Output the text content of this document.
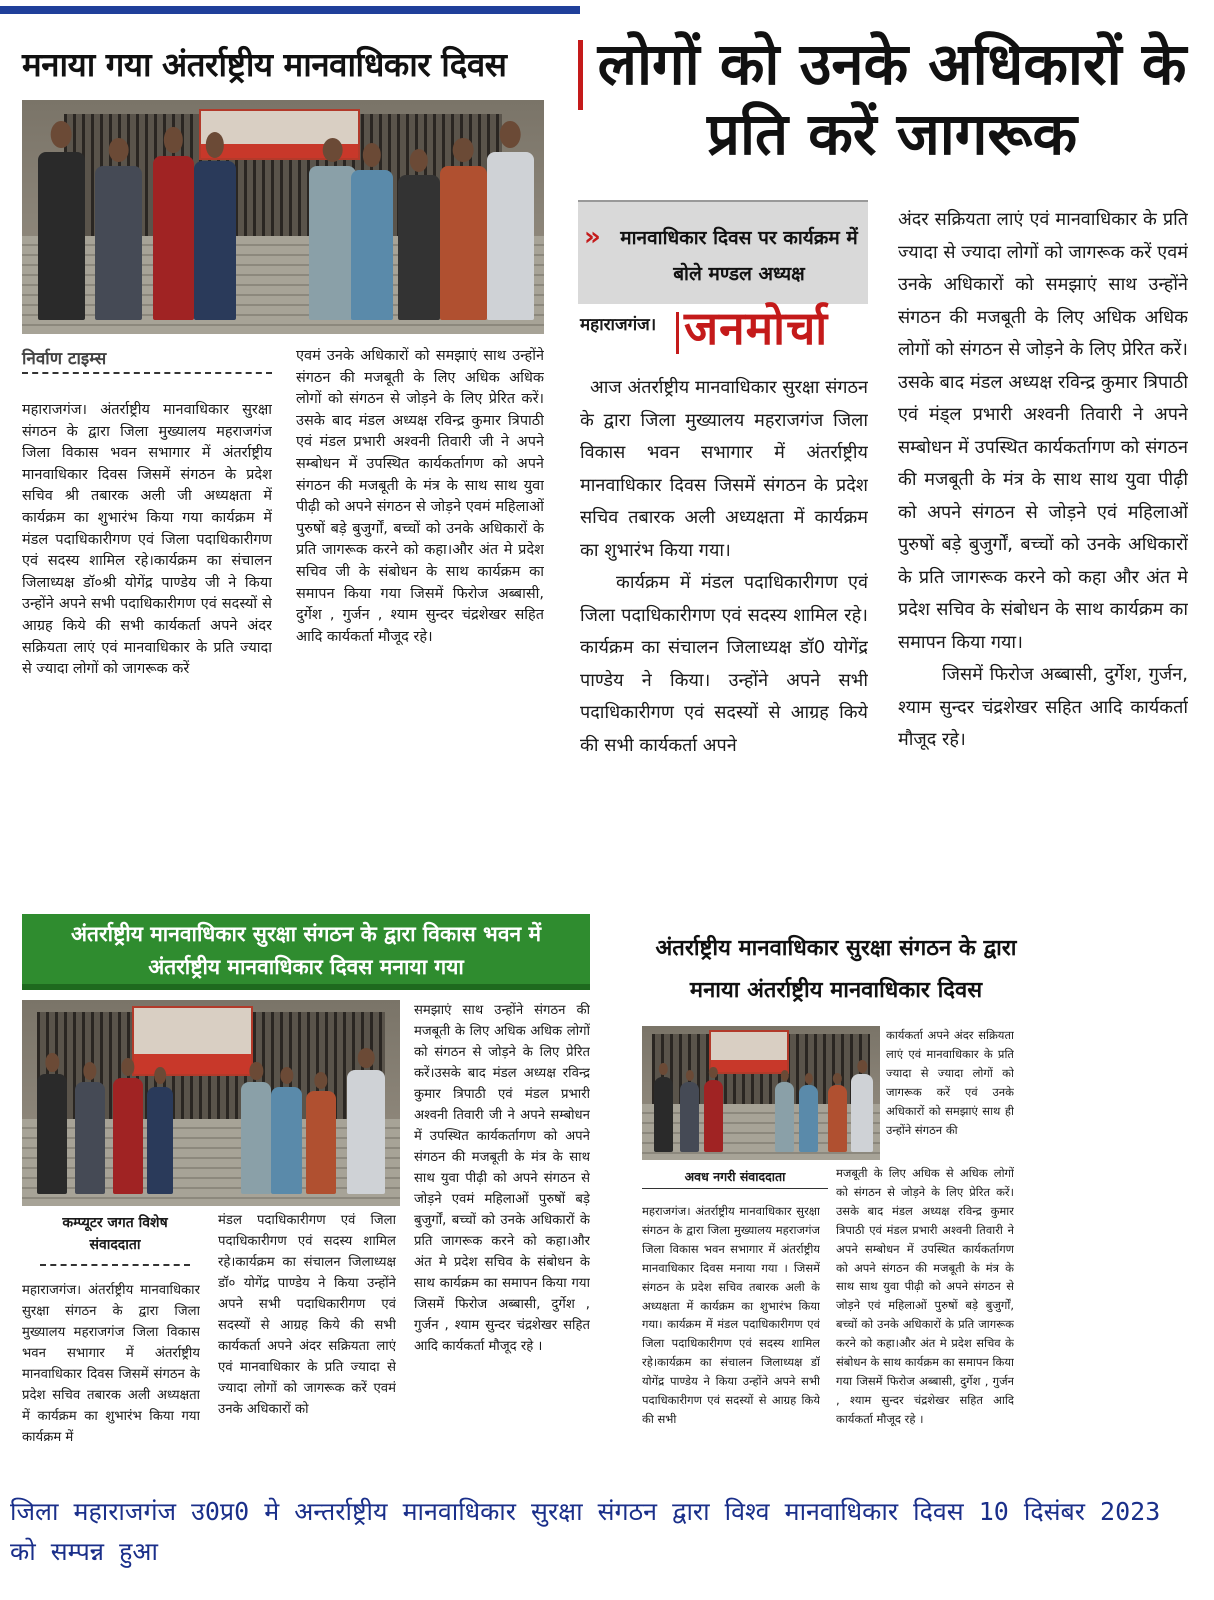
मनाया गया अंतर्राष्ट्रीय मानवाधिकार दिवस
निर्वाण टाइम्स
महाराजगंज। अंतर्राष्ट्रीय मानवाधिकार सुरक्षा संगठन के द्वारा जिला मुख्यालय महराजगंज जिला विकास भवन सभागार में अंतर्राष्ट्रीय मानवाधिकार दिवस जिसमें संगठन के प्रदेश सचिव श्री तबारक अली जी अध्यक्षता में कार्यक्रम का शुभारंभ किया गया कार्यक्रम में मंडल पदाधिकारीगण एवं जिला पदाधिकारीगण एवं सदस्य शामिल रहे।कार्यक्रम का संचालन जिलाध्यक्ष डॉ०श्री योगेंद्र पाण्डेय जी ने किया उन्होंने अपने सभी पदाधिकारीगण एवं सदस्यों से आग्रह किये की सभी कार्यकर्ता अपने अंदर सक्रियता लाएं एवं मानवाधिकार के प्रति ज्यादा से ज्यादा लोगों को जागरूक करें
एवमं उनके अधिकारों को समझाएं साथ उन्होंने संगठन की मजबूती के लिए अधिक अधिक लोगों को संगठन से जोड़ने के लिए प्रेरित करें।उसके बाद मंडल अध्यक्ष रविन्द्र कुमार त्रिपाठी एवं मंडल प्रभारी अश्वनी तिवारी जी ने अपने सम्बोधन में उपस्थित कार्यकर्तागण को अपने संगठन की मजबूती के मंत्र के साथ साथ युवा पीढ़ी को अपने संगठन से जोड़ने एवमं महिलाओं पुरुषों बड़े बुजुर्गों, बच्चों को उनके अधिकारों के प्रति जागरूक करने को कहा।और अंत मे प्रदेश सचिव जी के संबोधन के साथ कार्यक्रम का समापन किया गया जिसमें फिरोज अब्बासी, दुर्गेश , गुर्जन , श्याम सुन्दर चंद्रशेखर सहित आदि कार्यकर्ता मौजूद रहे।
लोगों को उनके अधिकारों के प्रति करें जागरूक
»	मानवाधिकार दिवस पर कार्यक्रम में बोले मण्डल अध्यक्ष
महाराजगंज। जनमोर्चा
आज अंतर्राष्ट्रीय मानवाधिकार सुरक्षा संगठन के द्वारा जिला मुख्यालय महराजगंज जिला विकास भवन सभागार में अंतर्राष्ट्रीय मानवाधिकार दिवस जिसमें संगठन के प्रदेश सचिव तबारक अली अध्यक्षता में कार्यक्रम का शुभारंभ किया गया।
कार्यक्रम में मंडल पदाधिकारीगण एवं जिला पदाधिकारीगण एवं सदस्य शामिल रहे। कार्यक्रम का संचालन जिलाध्यक्ष डॉ0 योगेंद्र पाण्डेय ने किया। उन्होंने अपने सभी पदाधिकारीगण एवं सदस्यों से आग्रह किये की सभी कार्यकर्ता अपने
अंदर सक्रियता लाएं एवं मानवाधिकार के प्रति ज्यादा से ज्यादा लोगों को जागरूक करें एवमं उनके अधिकारों को समझाएं साथ उन्होंने संगठन की मजबूती के लिए अधिक अधिक लोगों को संगठन से जोड़ने के लिए प्रेरित करें। उसके बाद मंडल अध्यक्ष रविन्द्र कुमार त्रिपाठी एवं मंड्ल प्रभारी अश्वनी तिवारी ने अपने सम्बोधन में उपस्थित कार्यकर्तागण को संगठन की मजबूती के मंत्र के साथ साथ युवा पीढ़ी को अपने संगठन से जोड़ने एवं महिलाओं पुरुषों बड़े बुजुर्गों, बच्चों को उनके अधिकारों के प्रति जागरूक करने को कहा और अंत मे प्रदेश सचिव के संबोधन के साथ कार्यक्रम का समापन किया गया।
जिसमें फिरोज अब्बासी, दुर्गेश, गुर्जन, श्याम सुन्दर चंद्रशेखर सहित आदि कार्यकर्ता मौजूद रहे।
अंतर्राष्ट्रीय मानवाधिकार सुरक्षा संगठन के द्वारा विकास भवन में अंतर्राष्ट्रीय मानवाधिकार दिवस मनाया गया
कम्प्यूटर जगत विशेष
संवाददाता
महाराजगंज। अंतर्राष्ट्रीय मानवाधिकार सुरक्षा संगठन के द्वारा जिला मुख्यालय महराजगंज जिला विकास भवन सभागार में अंतर्राष्ट्रीय मानवाधिकार दिवस जिसमें संगठन के प्रदेश सचिव तबारक अली अध्यक्षता में कार्यक्रम का शुभारंभ किया गया कार्यक्रम में
मंडल पदाधिकारीगण एवं जिला पदाधिकारीगण एवं सदस्य शामिल रहे।कार्यक्रम का संचालन जिलाध्यक्ष डॉ० योगेंद्र पाण्डेय ने किया उन्होंने अपने सभी पदाधिकारीगण एवं सदस्यों से आग्रह किये की सभी कार्यकर्ता अपने अंदर सक्रियता लाएं एवं मानवाधिकार के प्रति ज्यादा से ज्यादा लोगों को जागरूक करें एवमं उनके अधिकारों को
समझाएं साथ उन्होंने संगठन की मजबूती के लिए अधिक अधिक लोगों को संगठन से जोड़ने के लिए प्रेरित करें।उसके बाद मंडल अध्यक्ष रविन्द्र कुमार त्रिपाठी एवं मंडल प्रभारी अश्वनी तिवारी जी ने अपने सम्बोधन में उपस्थित कार्यकर्तागण को अपने संगठन की मजबूती के मंत्र के साथ साथ युवा पीढ़ी को अपने संगठन से जोड़ने एवमं महिलाओं पुरुषों बड़े बुजुर्गों, बच्चों को उनके अधिकारों के प्रति जागरूक करने को कहा।और अंत मे प्रदेश सचिव के संबोधन के साथ कार्यक्रम का समापन किया गया जिसमें फिरोज अब्बासी, दुर्गेश , गुर्जन , श्याम सुन्दर चंद्रशेखर सहित आदि कार्यकर्ता मौजूद रहे ।
अंतर्राष्ट्रीय मानवाधिकार सुरक्षा संगठन के द्वारा मनाया अंतर्राष्ट्रीय मानवाधिकार दिवस
कार्यकर्ता अपने अंदर सक्रियता लाएं एवं मानवाधिकार के प्रति ज्यादा से ज्यादा लोगों को जागरूक करें एवं उनके अधिकारों को समझाएं साथ ही उन्होंने संगठन की
अवध नगरी संवाददाता
महराजगंज। अंतर्राष्ट्रीय मानवाधिकार सुरक्षा संगठन के द्वारा जिला मुख्यालय महराजगंज जिला विकास भवन सभागार में अंतर्राष्ट्रीय मानवाधिकार दिवस मनाया गया । जिसमें संगठन के प्रदेश सचिव तबारक अली के अध्यक्षता में कार्यक्रम का शुभारंभ किया गया। कार्यक्रम में मंडल पदाधिकारीगण एवं जिला पदाधिकारीगण एवं सदस्य शामिल रहे।कार्यक्रम का संचालन जिलाध्यक्ष डॉ योगेंद्र पाण्डेय ने किया उन्होंने अपने सभी पदाधिकारीगण एवं सदस्यों से आग्रह किये की सभी
मजबूती के लिए अधिक से अधिक लोगों को संगठन से जोड़ने के लिए प्रेरित करें।उसके बाद मंडल अध्यक्ष रविन्द्र कुमार त्रिपाठी एवं मंडल प्रभारी अश्वनी तिवारी ने अपने सम्बोधन में उपस्थित कार्यकर्तागण को अपने संगठन की मजबूती के मंत्र के साथ साथ युवा पीढ़ी को अपने संगठन से जोड़ने एवं महिलाओं पुरुषों बड़े बुजुर्गों, बच्चों को उनके अधिकारों के प्रति जागरूक करने को कहा।और अंत मे प्रदेश सचिव के संबोधन के साथ कार्यक्रम का समापन किया गया जिसमें फिरोज अब्बासी, दुर्गेश , गुर्जन , श्याम सुन्दर चंद्रशेखर सहित आदि कार्यकर्ता मौजूद रहे ।
जिला महाराजगंज उ0प्र0 मे अन्तर्राष्ट्रीय मानवाधिकार सुरक्षा संगठन द्वारा विश्व मानवाधिकार दिवस 10 दिसंबर 2023 को सम्पन्न हुआ
